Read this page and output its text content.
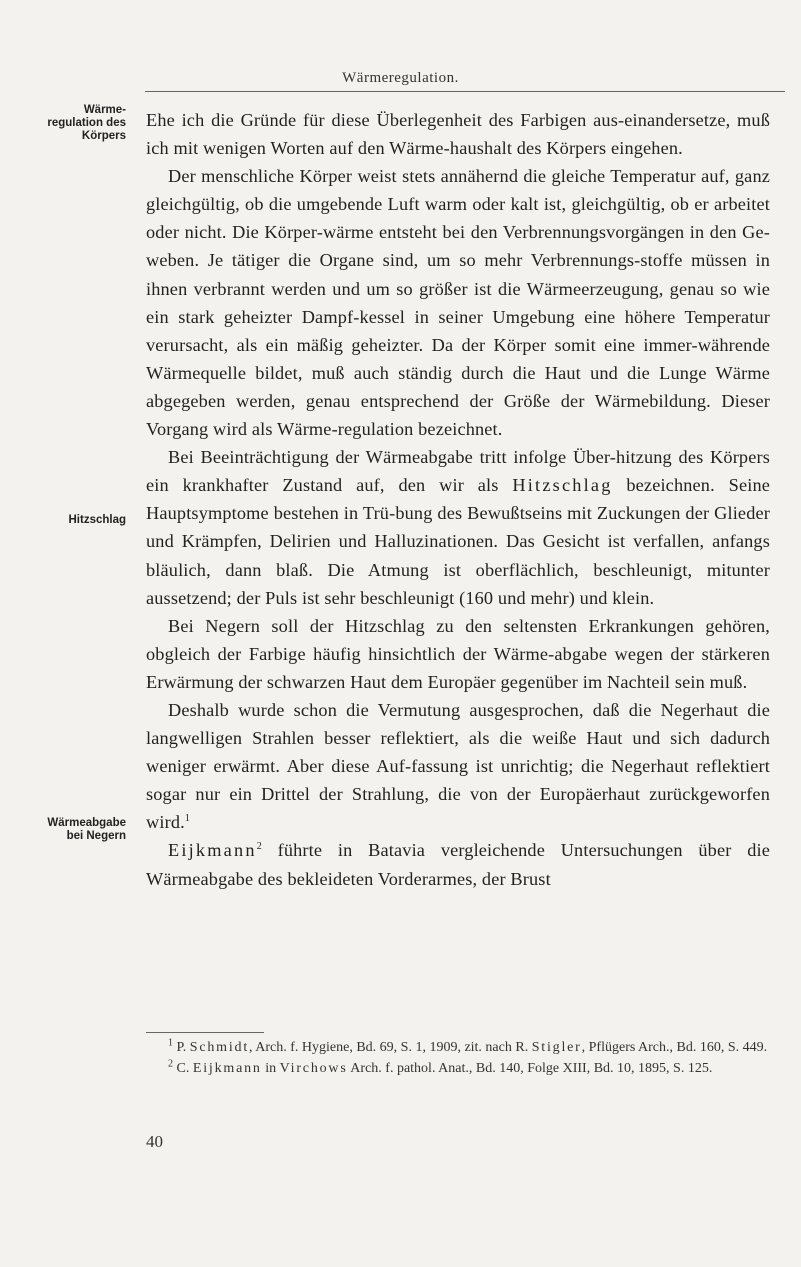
Wärmeregulation.
Wärme-
regulation des
Körpers
Hitzschlag
Wärmeabgabe
bei Negern

Ehe ich die Gründe für diese Überlegenheit des Farbigen aus-einandersetze, muß ich mit wenigen Worten auf den Wärme-haushalt des Körpers eingehen.

Der menschliche Körper weist stets annähernd die gleiche Temperatur auf, ganz gleichgültig, ob die umgebende Luft warm oder kalt ist, gleichgültig, ob er arbeitet oder nicht. Die Körper-wärme entsteht bei den Verbrennungsvorgängen in den Ge-weben. Je tätiger die Organe sind, um so mehr Verbrennungs-stoffe müssen in ihnen verbrannt werden und um so größer ist die Wärmeerzeugung, genau so wie ein stark geheizter Dampf-kessel in seiner Umgebung eine höhere Temperatur verursacht, als ein mäßig geheizter. Da der Körper somit eine immer-währende Wärmequelle bildet, muß auch ständig durch die Haut und die Lunge Wärme abgegeben werden, genau entsprechend der Größe der Wärmebildung. Dieser Vorgang wird als Wärme-regulation bezeichnet.

Bei Beeinträchtigung der Wärmeabgabe tritt infolge Über-hitzung des Körpers ein krankhafter Zustand auf, den wir als Hitzschlag bezeichnen. Seine Hauptsymptome bestehen in Trü-bung des Bewußtseins mit Zuckungen der Glieder und Krämpfen, Delirien und Halluzinationen. Das Gesicht ist verfallen, anfangs bläulich, dann blaß. Die Atmung ist oberflächlich, beschleunigt, mitunter aussetzend; der Puls ist sehr beschleunigt (160 und mehr) und klein.

Bei Negern soll der Hitzschlag zu den seltensten Erkrankungen gehören, obgleich der Farbige häufig hinsichtlich der Wärme-abgabe wegen der stärkeren Erwärmung der schwarzen Haut dem Europäer gegenüber im Nachteil sein muß.

Deshalb wurde schon die Vermutung ausgesprochen, daß die Negerhaut die langwelligen Strahlen besser reflektiert, als die weiße Haut und sich dadurch weniger erwärmt. Aber diese Auf-fassung ist unrichtig; die Negerhaut reflektiert sogar nur ein Drittel der Strahlung, die von der Europäerhaut zurückgeworfen wird.$^1$

Eijkmann$^2$ führte in Batavia vergleichende Untersuchungen über die Wärmeabgabe des bekleideten Vorderarmes, der Brust

$^1$ P. Schmidt, Arch. f. Hygiene, Bd. 69, S. 1, 1909, zit. nach R. Stigler, Pflügers Arch., Bd. 160, S. 449.

$^2$ C. Eijkmann in Virchows Arch. f. pathol. Anat., Bd. 140, Folge XIII, Bd. 10, 1895, S. 125.

40
